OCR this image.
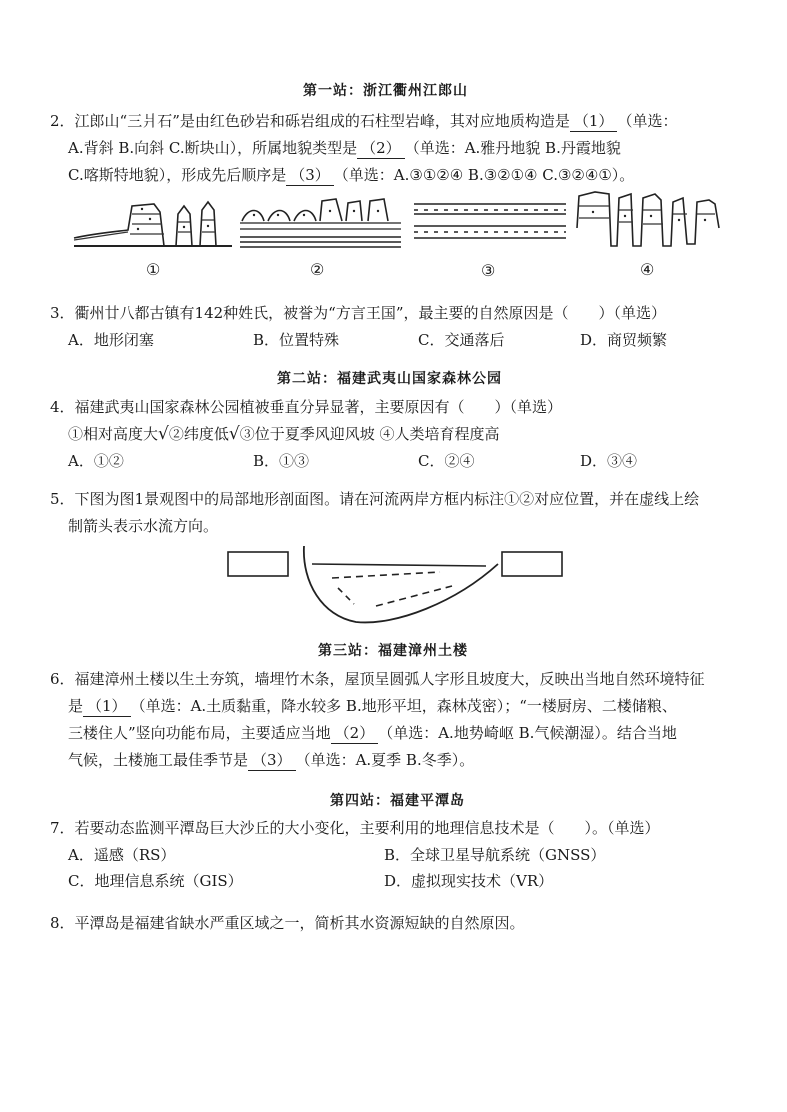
第一站：浙江衢州江郎山
2．江郎山“三爿石”是由红色砂岩和砾岩组成的石柱型岩峰，其对应地质构造是 （1） （单选：
A.背斜 B.向斜 C.断块山），所属地貌类型是 （2） （单选：A.雅丹地貌 B.丹霞地貌
C.喀斯特地貌），形成先后顺序是 （3） （单选：A.③①②④ B.③②①④ C.③②④①）。
①	②	③	④
3．衢州廿八都古镇有142种姓氏，被誉为“方言王国”，最主要的自然原因是（　　）（单选）
A．地形闭塞	B．位置特殊	C．交通落后	D．商贸频繁
第二站：福建武夷山国家森林公园
4．福建武夷山国家森林公园植被垂直分异显著，主要原因有（　　）（单选）
①相对高度大√②纬度低√③位于夏季风迎风坡 ④人类培育程度高
A．①②	B．①③	C．②④	D．③④
5．下图为图1景观图中的局部地形剖面图。请在河流两岸方框内标注①②对应位置，并在虚线上绘
制箭头表示水流方向。
第三站：福建漳州土楼
6．福建漳州土楼以生土夯筑，墙埋竹木条，屋顶呈圆弧人字形且坡度大，反映出当地自然环境特征
是 （1） （单选：A.土质黏重，降水较多 B.地形平坦，森林茂密）；“一楼厨房、二楼储粮、
三楼住人”竖向功能布局，主要适应当地 （2） （单选：A.地势崎岖 B.气候潮湿）。结合当地
气候，土楼施工最佳季节是 （3） （单选：A.夏季 B.冬季）。
第四站：福建平潭岛
7．若要动态监测平潭岛巨大沙丘的大小变化，主要利用的地理信息技术是（　　）。（单选）
A．遥感（RS）	B．全球卫星导航系统（GNSS）
C．地理信息系统（GIS）	D．虚拟现实技术（VR）
8．平潭岛是福建省缺水严重区域之一，简析其水资源短缺的自然原因。
